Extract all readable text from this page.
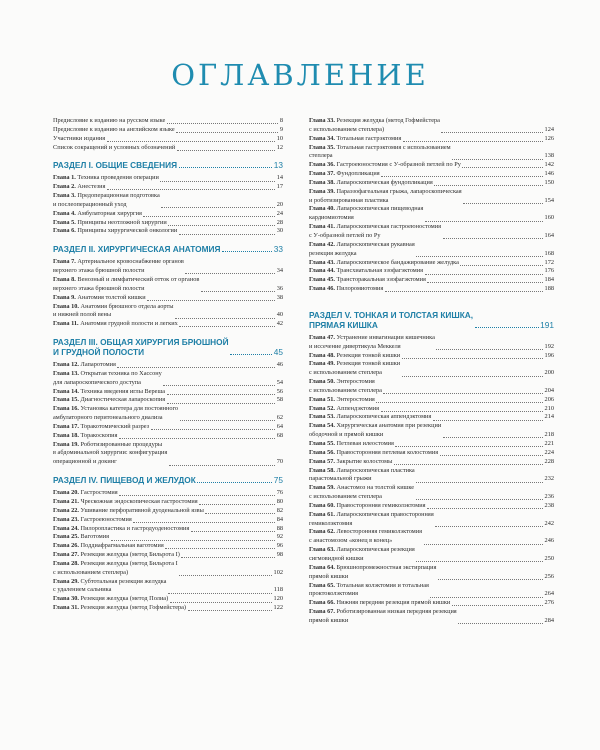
ОГЛАВЛЕНИЕ
Предисловие к изданию на русском языке	8
Предисловие к изданию на английском языке	9
Участники издания	10
Список сокращений и условных обозначений	12
РАЗДЕЛ I. ОБЩИЕ СВЕДЕНИЯ	13
Глава 1. Техника проведения операции	14
Глава 2. Анестезия	17
Глава 3. Предоперационная подготовка
и послеоперационный уход	20
Глава 4. Амбулаторная хирургия	24
Глава 5. Принципы неотложной хирургии	28
Глава 6. Принципы хирургической онкологии	30
РАЗДЕЛ II. ХИРУРГИЧЕСКАЯ АНАТОМИЯ	33
Глава 7. Артериальное кровоснабжение органов
верхнего этажа брюшной полости	34
Глава 8. Венозный и лимфатический отток от органов
верхнего этажа брюшной полости	36
Глава 9. Анатомия толстой кишки	38
Глава 10. Анатомия брюшного отдела аорты
и нижней полой вены	40
Глава 11. Анатомия грудной полости и легких	42
РАЗДЕЛ III. ОБЩАЯ ХИРУРГИЯ БРЮШНОЙ
И ГРУДНОЙ ПОЛОСТИ	45
Глава 12. Лапаротомия	46
Глава 13. Открытая техника по Хассону
для лапароскопического доступа	54
Глава 14. Техника введения иглы Вереша	56
Глава 15. Диагностическая лапароскопия	58
Глава 16. Установка катетера для постоянного
амбулаторного перитонеального диализа	62
Глава 17. Торакотомический разрез	64
Глава 18. Торакоскопия	68
Глава 19. Роботизированные процедуры
в абдоминальной хирургии: конфигурация
операционной и докинг	70
РАЗДЕЛ IV. ПИЩЕВОД И ЖЕЛУДОК	75
Глава 20. Гастростомия	76
Глава 21. Чрескожная эндоскопическая гастростомия	80
Глава 22. Ушивание перфоративной дуоденальной язвы	82
Глава 23. Гастроеюностомия	84
Глава 24. Пилоропластика и гастродуоденостомия	88
Глава 25. Ваготомия	92
Глава 26. Поддиафрагмальная ваготомия	96
Глава 27. Резекция желудка (метод Бильрота I)	98
Глава 28. Резекция желудка (метод Бильрота I
с использованием степлера)	102
Глава 29. Субтотальная резекция желудка
с удалением сальника	118
Глава 30. Резекция желудка (метод Полиа)	120
Глава 31. Резекция желудка (метод Гофмейстера)	122
Глава 33. Резекция желудка (метод Гофмейстера
с использованием степлера)	124
Глава 34. Тотальная гастрэктомия	126
Глава 35. Тотальная гастрэктомия с использованием
степлера	138
Глава 36. Гастроеюностомия с У-образной петлей по Ру	142
Глава 37. Фундопликация	146
Глава 38. Лапароскопическая фундопликация	150
Глава 39. Параэзофагеальная грыжа, лапароскопическая
и роботизированная пластика	154
Глава 40. Лапароскопическая пищеводная
кардиомиотомия	160
Глава 41. Лапароскопическая гастроеюностомия
с У-образной петлей по Ру	164
Глава 42. Лапароскопическая рукавная
резекция желудка	168
Глава 43. Лапароскопическое бандажирование желудка	172
Глава 44. Трансхиатальная эзофагэктомия	176
Глава 45. Трансторакальная эзофагэктомия	184
Глава 46. Пилоромиотомия	188
РАЗДЕЛ V. ТОНКАЯ И ТОЛСТАЯ КИШКА,
ПРЯМАЯ КИШКА	191
Глава 47. Устранение инвагинации кишечника
и иссечение дивертикула Меккеля	192
Глава 48. Резекция тонкой кишки	196
Глава 49. Резекция тонкой кишки
с использованием степлера	200
Глава 50. Энтеростомия
с использованием степлера	204
Глава 51. Энтеростомия	206
Глава 52. Аппендэктомия	210
Глава 53. Лапароскопическая аппендэктомия	214
Глава 54. Хирургическая анатомия при резекции
ободочной и прямой кишки	218
Глава 55. Петлевая илеостомия	221
Глава 56. Правосторонняя петлевая колостомия	224
Глава 57. Закрытие колостомы	228
Глава 58. Лапароскопическая пластика
парастомальной грыжи	232
Глава 59. Анастомоз на толстой кишке
с использованием степлера	236
Глава 60. Правосторонняя гемиколэктомия	238
Глава 61. Лапароскопическая правосторонняя
гемиколэктомия	242
Глава 62. Левосторонняя гемиколэктомия
с анастомозом «конец в конец»	246
Глава 63. Лапароскопическая резекция
сигмовидной кишки	250
Глава 64. Брюшнопромежностная экстирпация
прямой кишки	256
Глава 65. Тотальная колэктомия и тотальная
проктоколэктомия	264
Глава 66. Нижняя передняя резекция прямой кишки	276
Глава 67. Роботизированная низкая передняя резекция
прямой кишки	284
